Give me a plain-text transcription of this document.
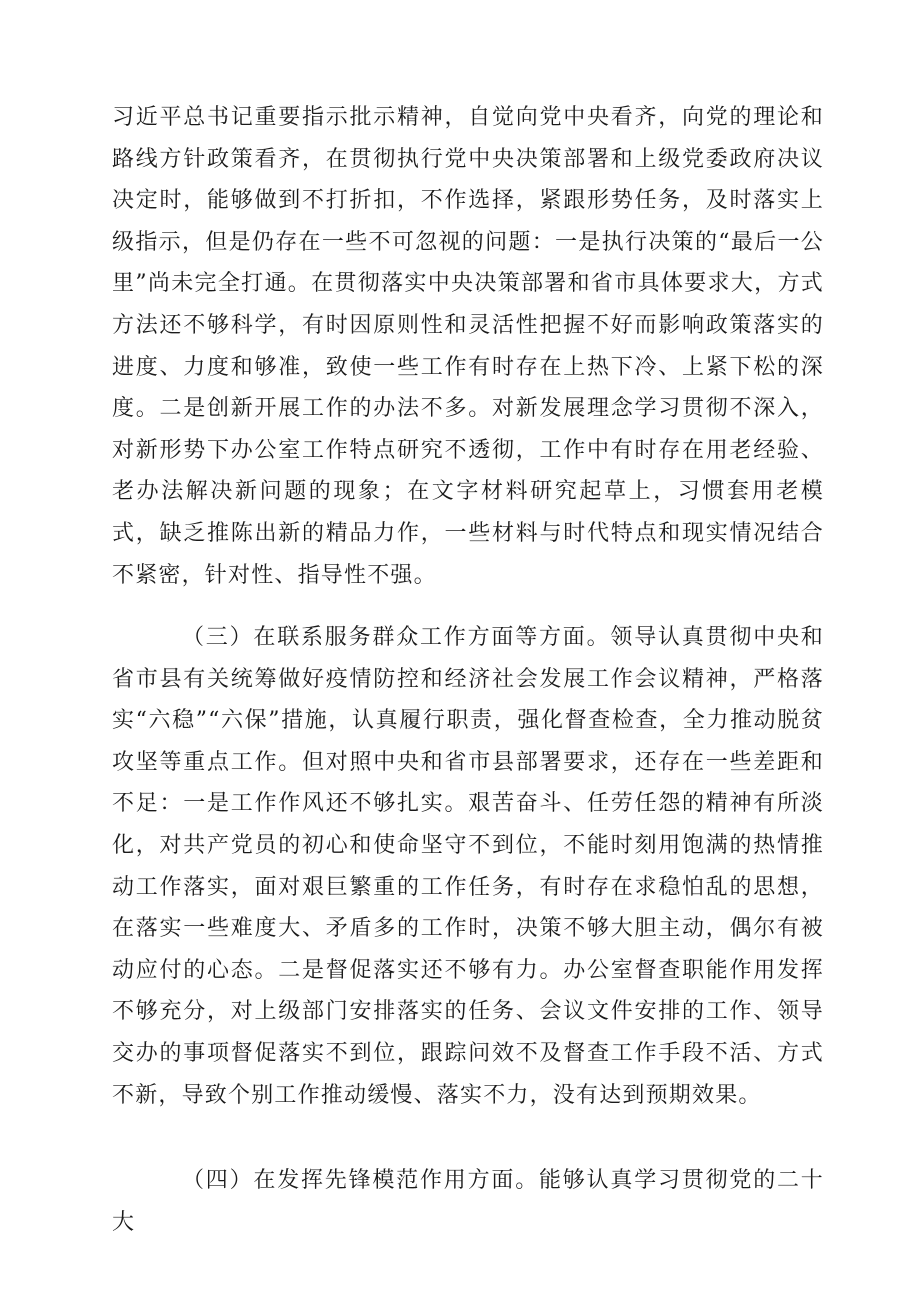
习近平总书记重要指示批示精神，自觉向党中央看齐，向党的理论和路线方针政策看齐，在贯彻执行党中央决策部署和上级党委政府决议决定时，能够做到不打折扣，不作选择，紧跟形势任务，及时落实上级指示，但是仍存在一些不可忽视的问题：一是执行决策的“最后一公里”尚未完全打通。在贯彻落实中央决策部署和省市具体要求大，方式方法还不够科学，有时因原则性和灵活性把握不好而影响政策落实的进度、力度和够准，致使一些工作有时存在上热下冷、上紧下松的深度。二是创新开展工作的办法不多。对新发展理念学习贯彻不深入，对新形势下办公室工作特点研究不透彻，工作中有时存在用老经验、老办法解决新问题的现象；在文字材料研究起草上，习惯套用老模式，缺乏推陈出新的精品力作，一些材料与时代特点和现实情况结合不紧密，针对性、指导性不强。

（三）在联系服务群众工作方面等方面。领导认真贯彻中央和省市县有关统筹做好疫情防控和经济社会发展工作会议精神，严格落实“六稳”“六保”措施，认真履行职责，强化督查检查，全力推动脱贫攻坚等重点工作。但对照中央和省市县部署要求，还存在一些差距和不足：一是工作作风还不够扎实。艰苦奋斗、任劳任怨的精神有所淡化，对共产党员的初心和使命坚守不到位，不能时刻用饱满的热情推动工作落实，面对艰巨繁重的工作任务，有时存在求稳怕乱的思想，在落实一些难度大、矛盾多的工作时，决策不够大胆主动，偶尔有被动应付的心态。二是督促落实还不够有力。办公室督查职能作用发挥不够充分，对上级部门安排落实的任务、会议文件安排的工作、领导交办的事项督促落实不到位，跟踪问效不及督查工作手段不活、方式不新，导致个别工作推动缓慢、落实不力，没有达到预期效果。

（四）在发挥先锋模范作用方面。能够认真学习贯彻党的二十大
